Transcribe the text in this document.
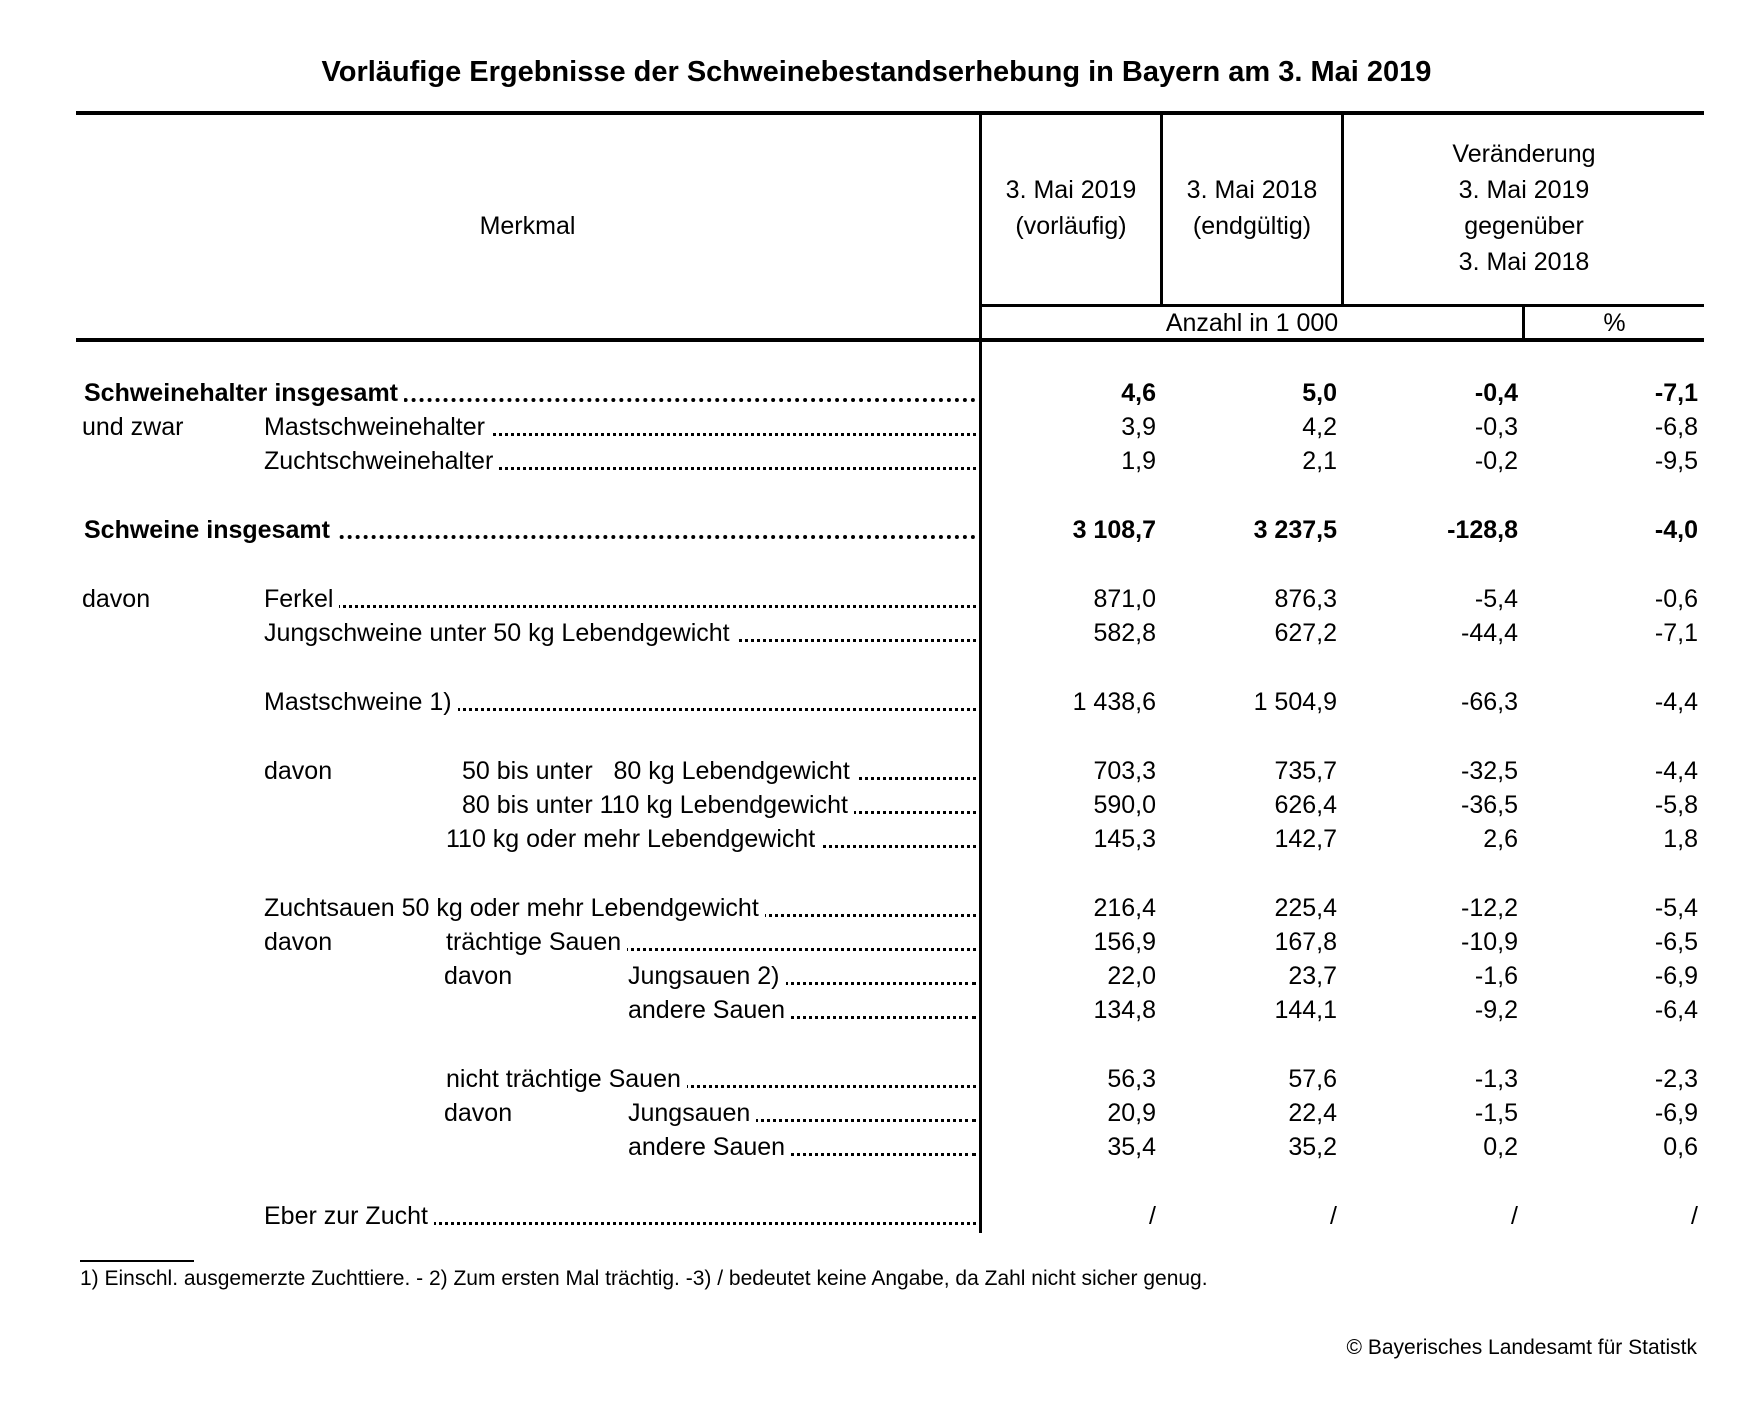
Vorläufige Ergebnisse der Schweinebestandserhebung in Bayern am 3. Mai 2019
Merkmal
3. Mai 2019
(vorläufig)
3. Mai 2018
(endgültig)
Veränderung
3. Mai 2019
gegenüber
3. Mai 2018
Anzahl in 1 000	%
Schweinehalter insgesamt	4,6	5,0	-0,4	-7,1
und zwar	Mastschweinehalter	3,9	4,2	-0,3	-6,8
Zuchtschweinehalter	1,9	2,1	-0,2	-9,5
Schweine insgesamt	3 108,7	3 237,5	-128,8	-4,0
davon	Ferkel	871,0	876,3	-5,4	-0,6
Jungschweine unter 50 kg Lebendgewicht	582,8	627,2	-44,4	-7,1
Mastschweine 1)	1 438,6	1 504,9	-66,3	-4,4
davon	50 bis unter   80 kg Lebendgewicht	703,3	735,7	-32,5	-4,4
80 bis unter 110 kg Lebendgewicht	590,0	626,4	-36,5	-5,8
110 kg oder mehr Lebendgewicht	145,3	142,7	2,6	1,8
Zuchtsauen 50 kg oder mehr Lebendgewicht	216,4	225,4	-12,2	-5,4
davon	trächtige Sauen	156,9	167,8	-10,9	-6,5
davon	Jungsauen 2)	22,0	23,7	-1,6	-6,9
andere Sauen	134,8	144,1	-9,2	-6,4
nicht trächtige Sauen	56,3	57,6	-1,3	-2,3
davon	Jungsauen	20,9	22,4	-1,5	-6,9
andere Sauen	35,4	35,2	0,2	0,6
Eber zur Zucht	/	/	/	/
1) Einschl. ausgemerzte Zuchttiere. - 2) Zum ersten Mal trächtig. -3) / bedeutet keine Angabe, da Zahl nicht sicher genug.
© Bayerisches Landesamt für Statistk
